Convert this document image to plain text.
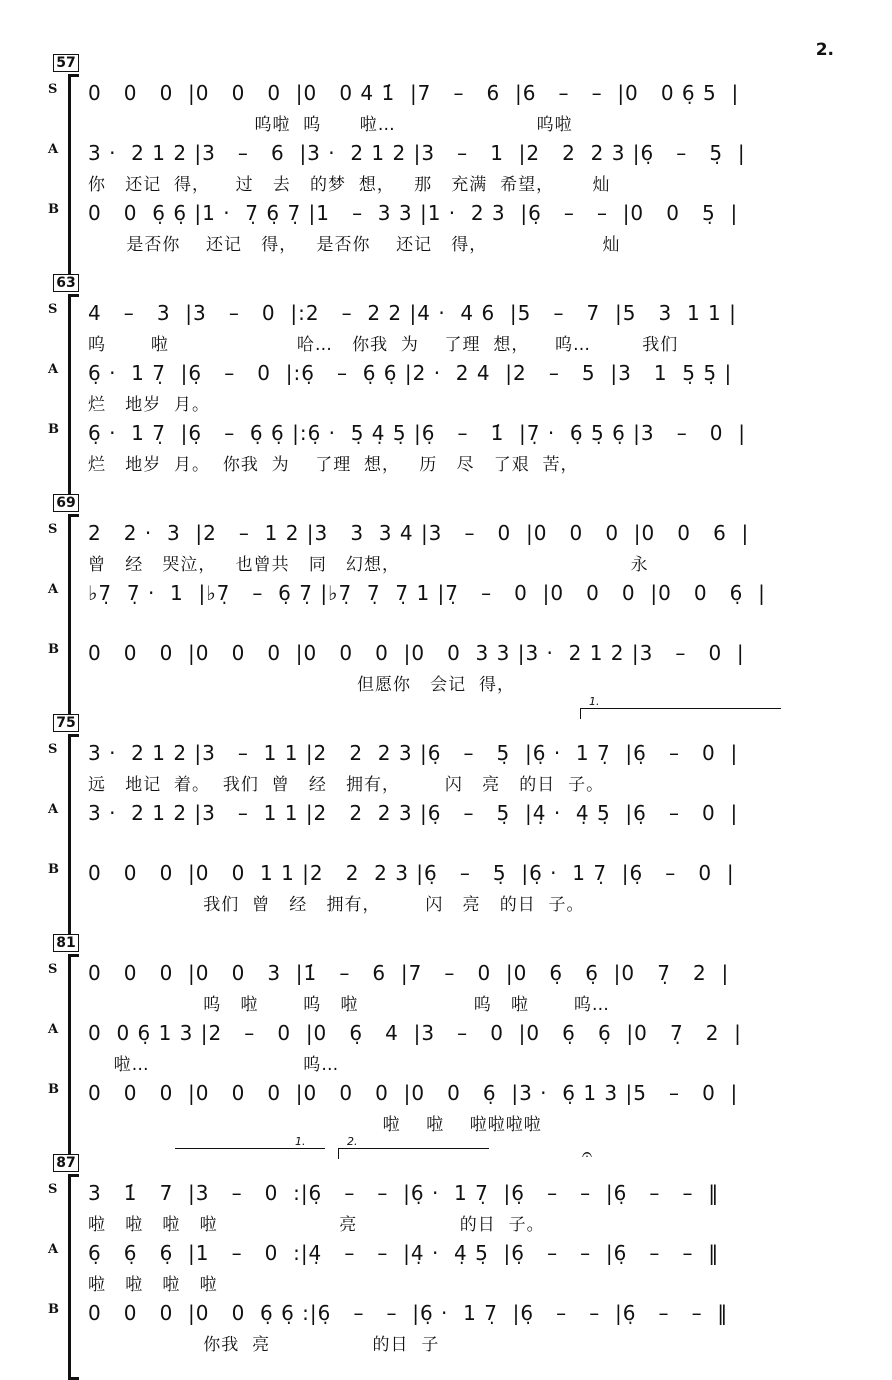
2.
57
S 0   0   0  |0   0   0  |0   0 4 1̇  |7   –   6  |6   –   –  |0   0 6̣ 5  |
呜啦  呜      啦…                      呜啦
A 3 ·  2 1 2 |3   –   6  |3 ·  2 1 2 |3   –   1  |2   2  2 3 |6̣   –   5̣  |
你   还记  得，    过   去   的梦  想，   那   充满  希望，      灿
B 0   0  6̣ 6̣ |1 ·  7̣ 6̣ 7̣ |1   –  3 3 |1 ·  2 3  |6̣   –   –  |0   0   5̣  |
是否你    还记   得，   是否你    还记   得，                  灿
63
S 4   –   3  |3   –   0  |:2   –  2 2 |4 ·  4 6  |5   –   7  |5   3  1 1 |
呜       啦                    哈…   你我  为    了理  想，    呜…        我们
A 6̣ ·  1 7̣  |6̣   –   0  |:6̣   –  6̣ 6̣ |2 ·  2 4  |2   –   5  |3   1  5̣ 5̣ |
烂   地岁  月。
B 6̣ ·  1 7̣  |6̣   –  6̣ 6̣ |:6̣ ·  5̣ 4̣ 5̣ |6̣   –   1̇  |7̣ ·  6̣ 5̣ 6̣ |3   –   0  |
烂   地岁  月。  你我  为    了理  想，   历   尽   了艰  苦，
69
S 2   2 ·  3  |2   –  1 2 |3   3  3 4 |3   –   0  |0   0   0  |0   0   6  |
曾   经   哭泣，   也曾共   同   幻想，                                    永
A ♭7̣  7̣ ·  1  |♭7̣   –  6̣ 7̣ |♭7̣  7̣  7̣ 1 |7̣   –   0  |0   0   0  |0   0   6̣  |
B 0   0   0  |0   0   0  |0   0   0  |0   0  3 3 |3 ·  2 1 2 |3   –   0  |
但愿你   会记  得，
75
1.
S 3 ·  2 1 2 |3   –  1 1 |2   2  2 3 |6̣   –   5̣  |6̣ ·  1 7̣  |6̣   –   0  |
远   地记  着。  我们  曾   经   拥有，       闪   亮   的日  子。
A 3 ·  2 1 2 |3   –  1 1 |2   2  2 3 |6̣   –   5̣  |4̣ ·  4̣ 5̣  |6̣   –   0  |
B 0   0   0  |0   0  1 1 |2   2  2 3 |6̣   –   5̣  |6̣ ·  1 7̣  |6̣   –   0  |
我们  曾   经   拥有，       闪   亮   的日  子。
81
S 0   0   0  |0   0   3  |1̇   –   6  |7   –   0  |0   6̣   6̣  |0   7̣   2  |
呜   啦       呜   啦                  呜   啦       呜…
A 0  0 6̣ 1 3 |2   –   0  |0   6̣   4  |3   –   0  |0   6̣   6̣  |0   7̣   2  |
啦…                        呜…
B 0   0   0  |0   0   0  |0   0   0  |0   0   6̣  |3 ·  6̣ 1 3 |5   –   0  |
啦    啦    啦啦啦啦
87
1.	2.
𝄐
S 3   1̇   7  |3   –   0  :|6̣   –   –  |6̣ ·  1 7̣  |6̣   –   –  |6̣   –   –  ‖
啦   啦   啦   啦                   亮                的日  子。
A 6̣   6̣   6̣  |1   –   0  :|4̣   –   –  |4̣ ·  4̣ 5̣  |6̣   –   –  |6̣   –   –  ‖
啦   啦   啦   啦
B 0   0   0  |0   0  6̣ 6̣ :|6̣   –   –  |6̣ ·  1 7̣  |6̣   –   –  |6̣   –   –  ‖
你我  亮                的日  子
